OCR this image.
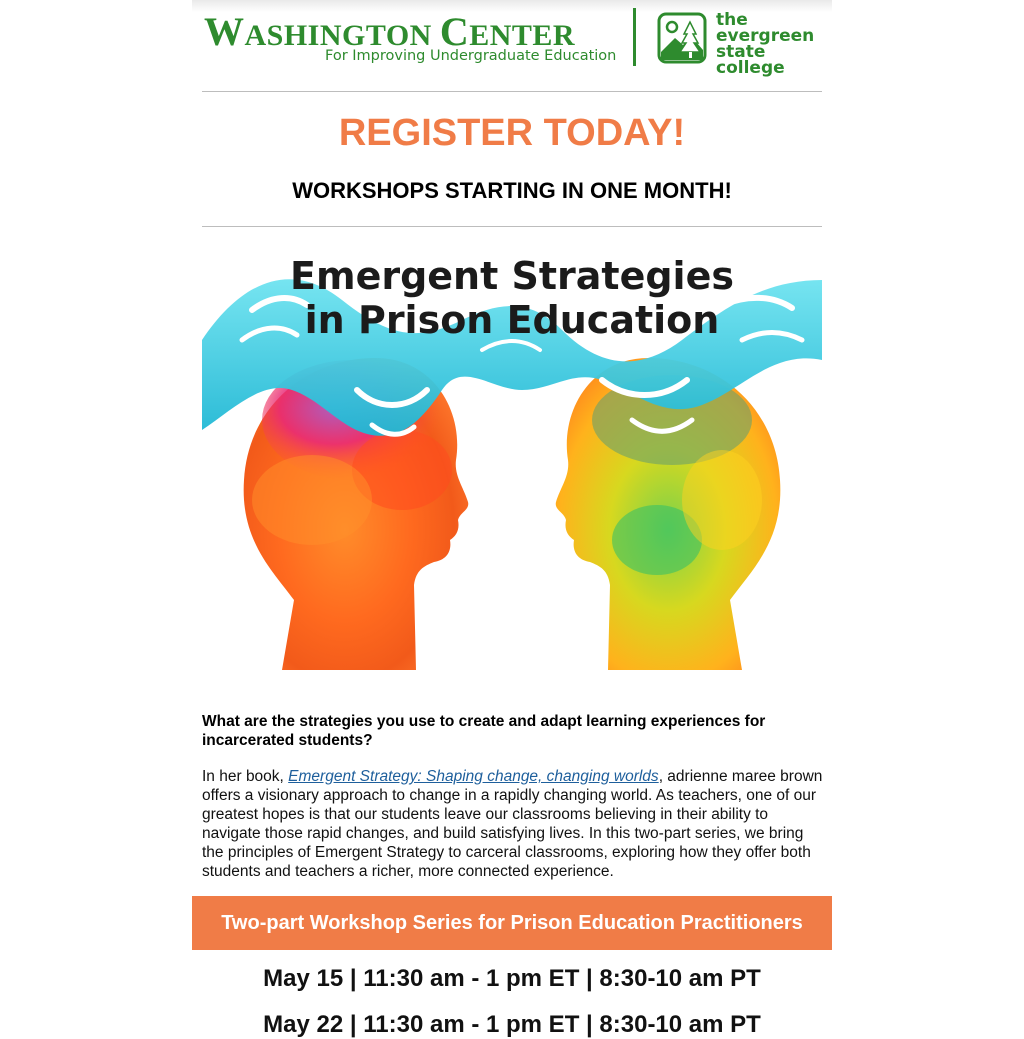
WASHINGTON CENTER
For Improving Undergraduate Education
the
evergreen
state college
REGISTER TODAY!
WORKSHOPS STARTING IN ONE MONTH!
Emergent Strategies
in Prison Education
What are the strategies you use to create and adapt learning experiences for incarcerated students?
In her book, Emergent Strategy: Shaping change, changing worlds, adrienne maree brown offers a visionary approach to change in a rapidly changing world. As teachers, one of our greatest hopes is that our students leave our classrooms believing in their ability to navigate those rapid changes, and build satisfying lives. In this two-part series, we bring the principles of Emergent Strategy to carceral classrooms, exploring how they offer both students and teachers a richer, more connected experience.
Two-part Workshop Series for Prison Education Practitioners
May 15 | 11:30 am - 1 pm ET | 8:30-10 am PT
May 22 | 11:30 am - 1 pm ET | 8:30-10 am PT
